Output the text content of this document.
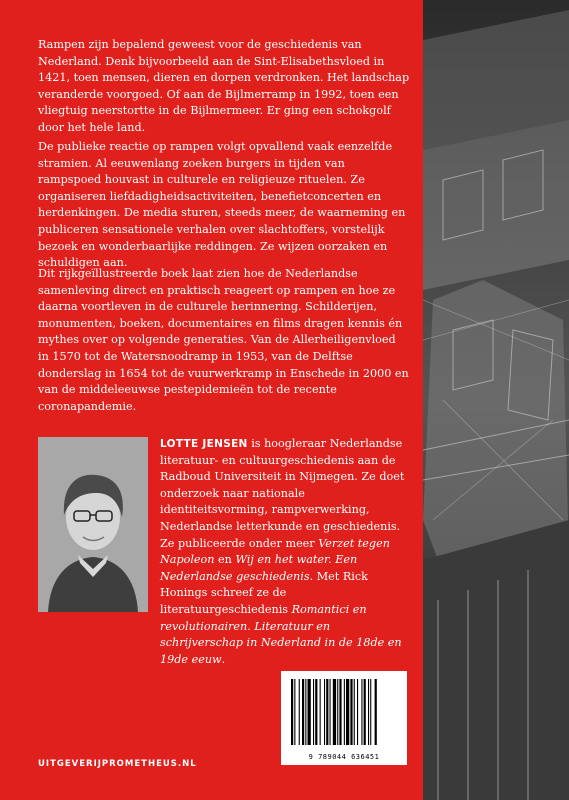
Rampen zijn bepalend geweest voor de geschiedenis van Nederland. Denk bijvoorbeeld aan de Sint-Elisabethsvloed in 1421, toen mensen, dieren en dorpen verdronken. Het landschap veranderde voorgoed. Of aan de Bijlmerramp in 1992, toen een vliegtuig neerstortte in de Bijlmermeer. Er ging een schokgolf door het hele land.

De publieke reactie op rampen volgt opvallend vaak eenzelfde stramien. Al eeuwenlang zoeken burgers in tijden van rampspoed houvast in culturele en religieuze rituelen. Ze organiseren liefdadigheidsactiviteiten, benefietconcerten en herdenkingen. De media sturen, steeds meer, de waarneming en publiceren sensationele verhalen over slachtoffers, vorstelijk bezoek en wonderbaarlijke reddingen. Ze wijzen oorzaken en schuldigen aan.

Dit rijkgeïllustreerde boek laat zien hoe de Nederlandse samenleving direct en praktisch reageert op rampen en hoe ze daarna voortleven in de culturele herinnering. Schilderijen, monumenten, boeken, documentaires en films dragen kennis én mythes over op volgende generaties. Van de Allerheiligenvloed in 1570 tot de Watersnoodramp in 1953, van de Delftse donderslag in 1654 tot de vuurwerkramp in Enschede in 2000 en van de middeleeuwse pestepidemieën tot de recente coronapandemie.

LOTTE JENSEN is hoogleraar Nederlandse literatuur- en cultuurgeschiedenis aan de Radboud Universiteit in Nijmegen. Ze doet onderzoek naar nationale identiteitsvorming, rampverwerking, Nederlandse letterkunde en geschiedenis. Ze publiceerde onder meer Verzet tegen Napoleon en Wij en het water. Een Nederlandse geschiedenis. Met Rick Honings schreef ze de literatuurgeschiedenis Romantici en revolutionairen. Literatuur en schrijverschap in Nederland in de 18de en 19de eeuw.
9 789044 636451
UITGEVERIJPROMETHEUS.NL
